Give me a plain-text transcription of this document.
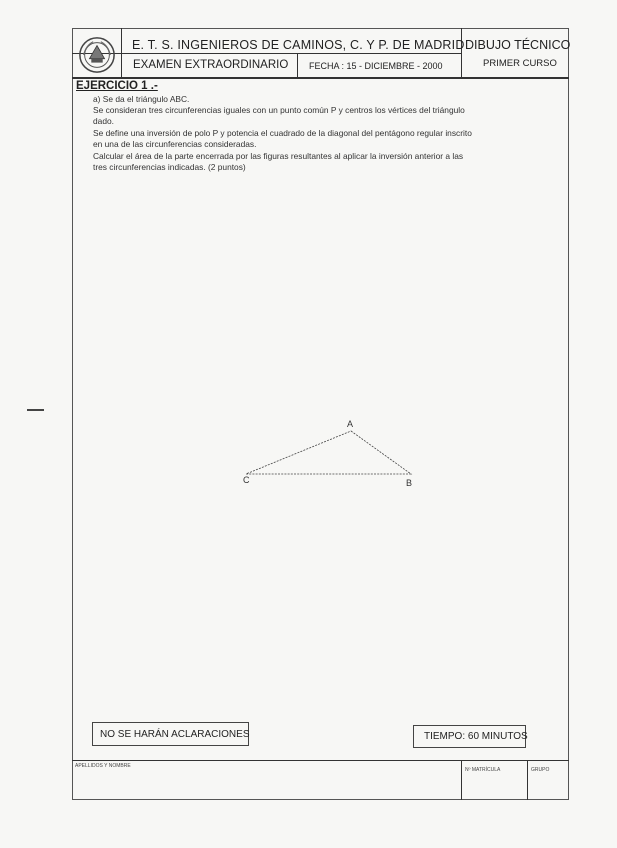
E. T. S. INGENIEROS DE CAMINOS, C. Y P. DE MADRID DIBUJO TÉCNICO
EXAMEN EXTRAORDINARIO FECHA : 15 - DICIEMBRE - 2000	PRIMER CURSO
EJERCICIO 1 .-
a) Se da el triángulo ABC.
Se consideran tres circunferencias iguales con un punto común P y centros los vértices del triángulo
dado.
Se define una inversión de polo P y potencia el cuadrado de la diagonal del pentágono regular inscrito
en una de las circunferencias consideradas.
Calcular el área de la parte encerrada por las figuras resultantes al aplicar la inversión anterior a las
tres circunferencias indicadas. (2 puntos)
A
B
C
NO SE HARÁN ACLARACIONES	TIEMPO: 60 MINUTOS
APELLIDOS Y NOMBRE
Nº MATRÍCULA	GRUPO
